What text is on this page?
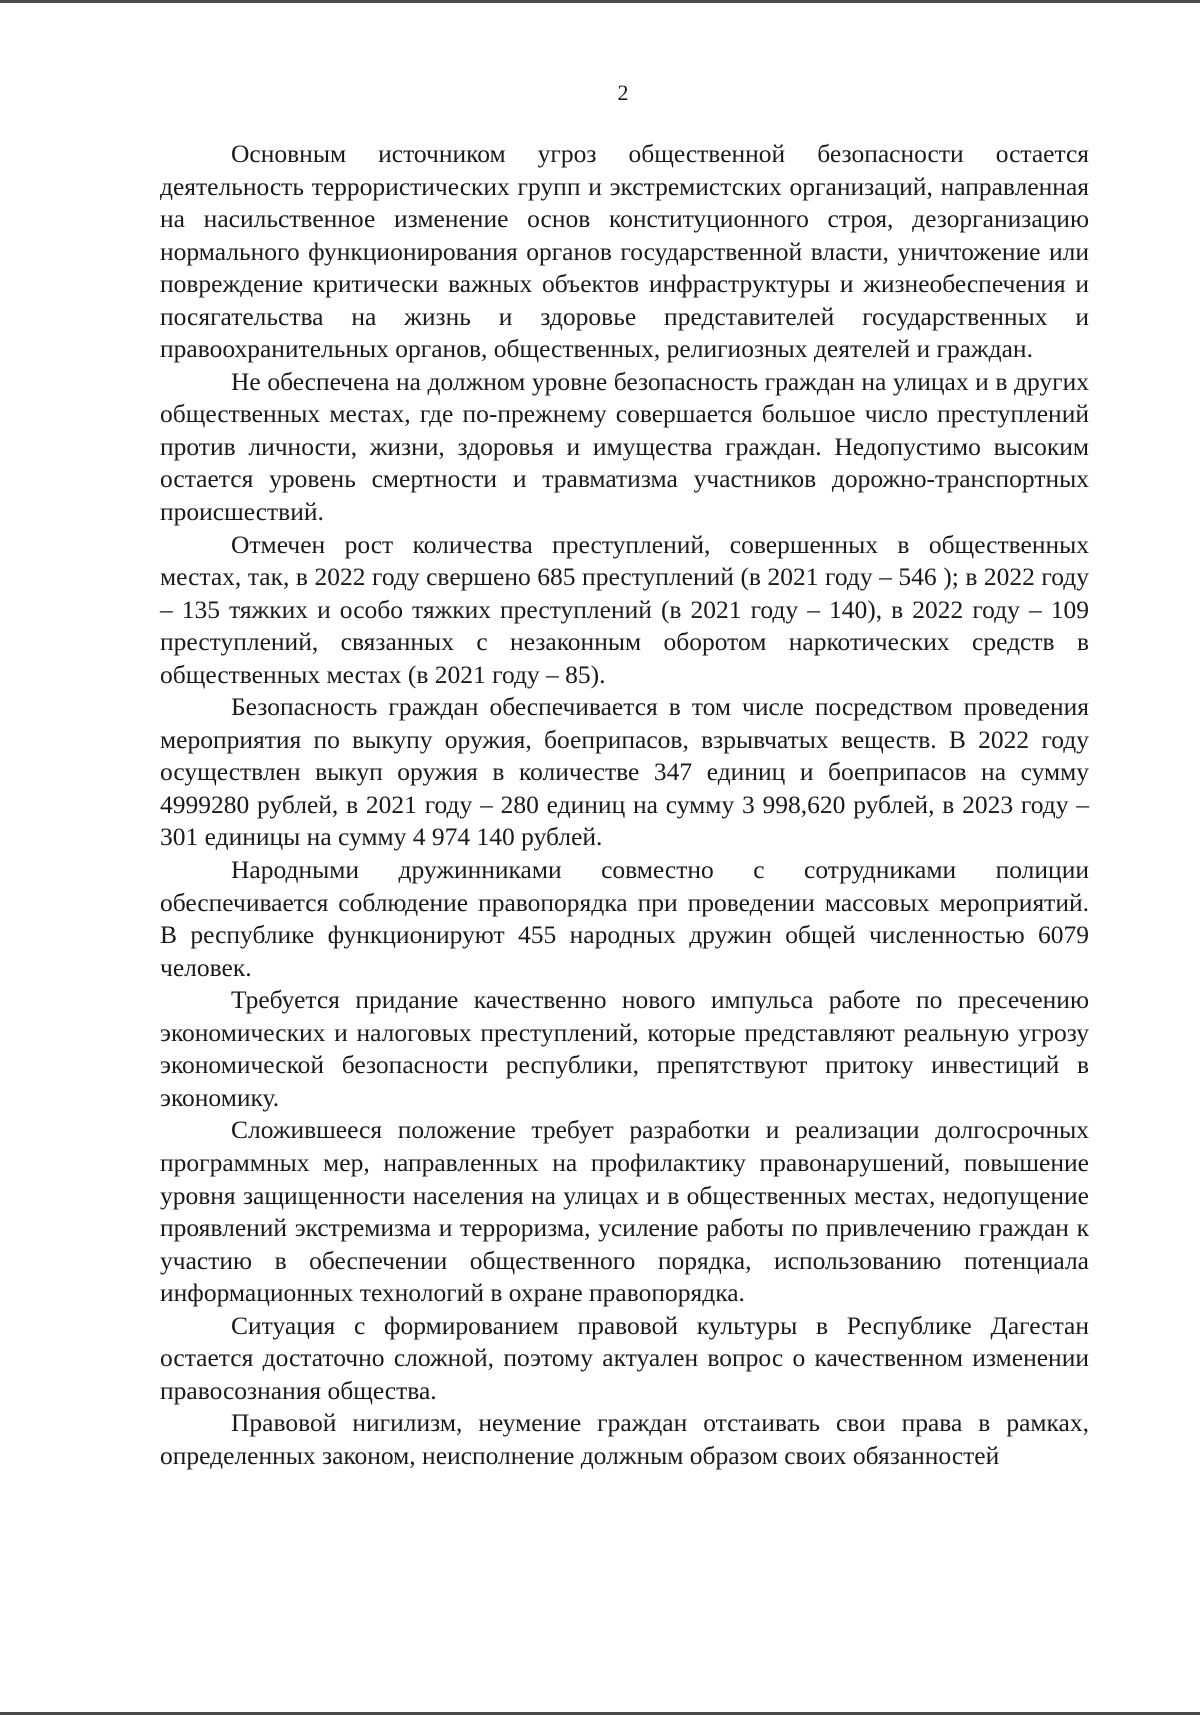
2

Основным источником угроз общественной безопасности остается деятельность террористических групп и экстремистских организаций, направленная на насильственное изменение основ конституционного строя, дезорганизацию нормального функционирования органов государственной власти, уничтожение или повреждение критически важных объектов инфраструктуры и жизнеобеспечения и посягательства на жизнь и здоровье представителей государственных и правоохранительных органов, общественных, религиозных деятелей и граждан.

Не обеспечена на должном уровне безопасность граждан на улицах и в других общественных местах, где по-прежнему совершается большое число преступлений против личности, жизни, здоровья и имущества граждан. Недопустимо высоким остается уровень смертности и травматизма участников дорожно-транспортных происшествий.

Отмечен рост количества преступлений, совершенных в общественных местах, так, в 2022 году свершено 685 преступлений (в 2021 году – 546 ); в 2022 году – 135 тяжких и особо тяжких преступлений (в 2021 году – 140), в 2022 году – 109 преступлений, связанных с незаконным оборотом наркотических средств в общественных местах (в 2021 году – 85).

Безопасность граждан обеспечивается в том числе посредством проведения мероприятия по выкупу оружия, боеприпасов, взрывчатых веществ. В 2022 году осуществлен выкуп оружия в количестве 347 единиц и боеприпасов на сумму 4999280 рублей, в 2021 году – 280 единиц на сумму 3 998,620 рублей, в 2023 году – 301 единицы на сумму 4 974 140 рублей.

Народными дружинниками совместно с сотрудниками полиции обеспечивается соблюдение правопорядка при проведении массовых мероприятий. В республике функционируют 455 народных дружин общей численностью 6079 человек.

Требуется придание качественно нового импульса работе по пресечению экономических и налоговых преступлений, которые представляют реальную угрозу экономической безопасности республики, препятствуют притоку инвестиций в экономику.

Сложившееся положение требует разработки и реализации долгосрочных программных мер, направленных на профилактику правонарушений, повышение уровня защищенности населения на улицах и в общественных местах, недопущение проявлений экстремизма и терроризма, усиление работы по привлечению граждан к участию в обеспечении общественного порядка, использованию потенциала информационных технологий в охране правопорядка.

Ситуация с формированием правовой культуры в Республике Дагестан остается достаточно сложной, поэтому актуален вопрос о качественном изменении правосознания общества.

Правовой нигилизм, неумение граждан отстаивать свои права в рамках, определенных законом, неисполнение должным образом своих обязанностей
